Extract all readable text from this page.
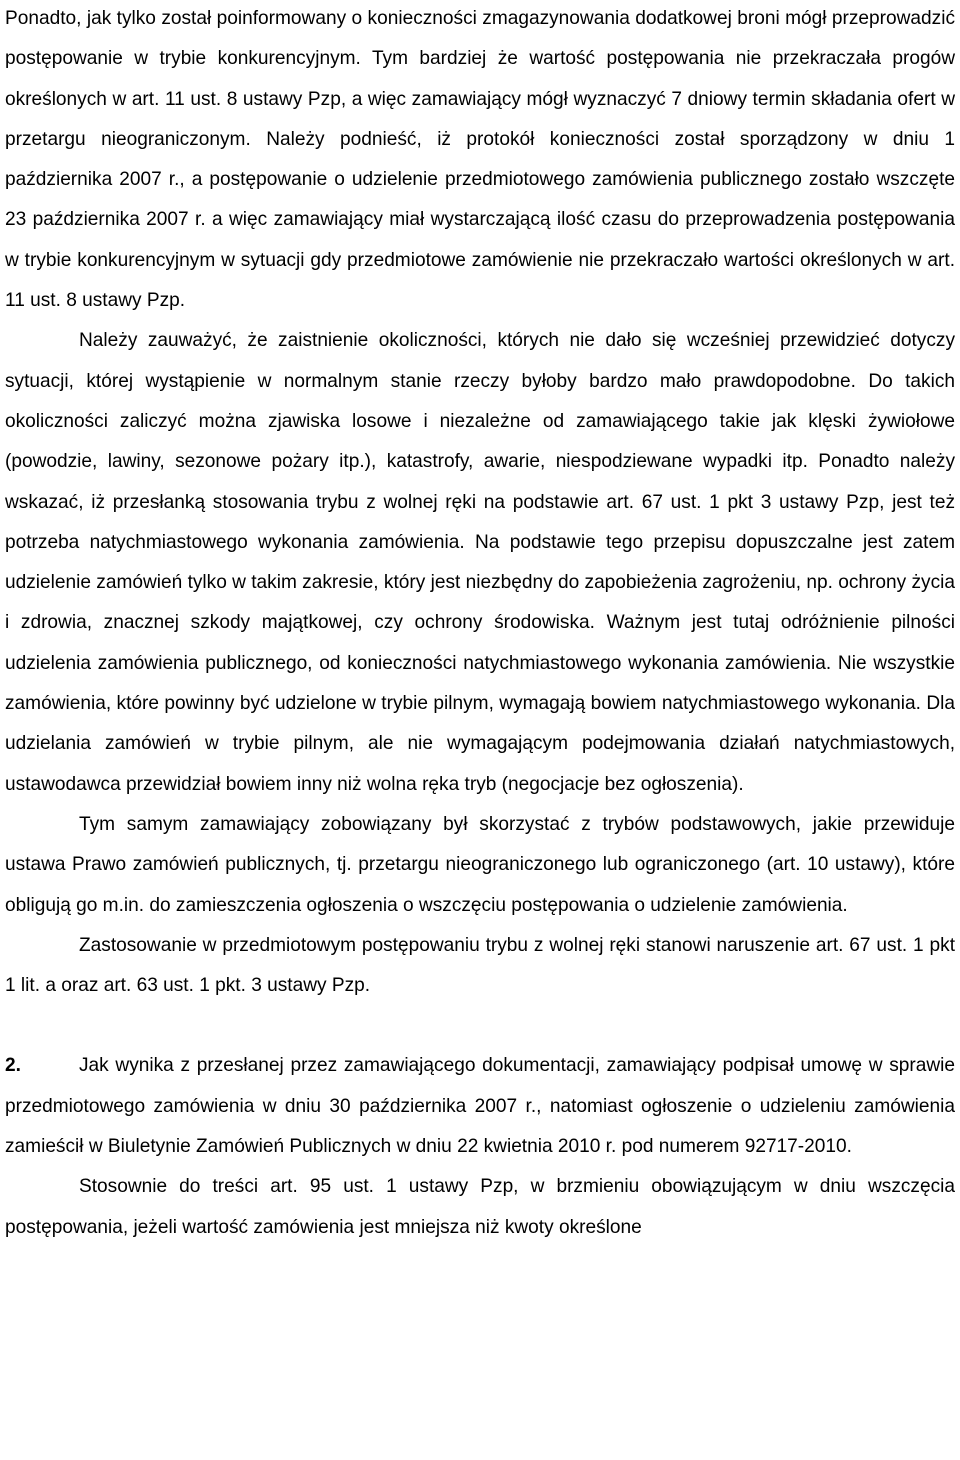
Ponadto, jak tylko został poinformowany o konieczności zmagazynowania dodatkowej broni mógł przeprowadzić postępowanie w trybie konkurencyjnym. Tym bardziej że wartość postępowania nie przekraczała progów określonych w art. 11 ust. 8 ustawy Pzp, a więc zamawiający mógł wyznaczyć 7 dniowy termin składania ofert w przetargu nieograniczonym. Należy podnieść, iż protokół konieczności został sporządzony w dniu 1 października 2007 r., a postępowanie o udzielenie przedmiotowego zamówienia publicznego zostało wszczęte 23 października 2007 r. a więc zamawiający miał wystarczającą ilość czasu do przeprowadzenia postępowania w trybie konkurencyjnym w sytuacji gdy przedmiotowe zamówienie nie przekraczało wartości określonych w art. 11 ust. 8 ustawy Pzp.

Należy zauważyć, że zaistnienie okoliczności, których nie dało się wcześniej przewidzieć dotyczy sytuacji, której wystąpienie w normalnym stanie rzeczy byłoby bardzo mało prawdopodobne. Do takich okoliczności zaliczyć można zjawiska losowe i niezależne od zamawiającego takie jak klęski żywiołowe (powodzie, lawiny, sezonowe pożary itp.), katastrofy, awarie, niespodziewane wypadki itp. Ponadto należy wskazać, iż przesłanką stosowania trybu z wolnej ręki na podstawie art. 67 ust. 1 pkt 3 ustawy Pzp, jest też potrzeba natychmiastowego wykonania zamówienia. Na podstawie tego przepisu dopuszczalne jest zatem udzielenie zamówień tylko w takim zakresie, który jest niezbędny do zapobieżenia zagrożeniu, np. ochrony życia i zdrowia, znacznej szkody majątkowej, czy ochrony środowiska. Ważnym jest tutaj odróżnienie pilności udzielenia zamówienia publicznego, od konieczności natychmiastowego wykonania zamówienia. Nie wszystkie zamówienia, które powinny być udzielone w trybie pilnym, wymagają bowiem natychmiastowego wykonania. Dla udzielania zamówień w trybie pilnym, ale nie wymagającym podejmowania działań natychmiastowych, ustawodawca przewidział bowiem inny niż wolna ręka tryb (negocjacje bez ogłoszenia).

Tym samym zamawiający zobowiązany był skorzystać z trybów podstawowych, jakie przewiduje ustawa Prawo zamówień publicznych, tj. przetargu nieograniczonego lub ograniczonego (art. 10 ustawy), które obligują go m.in. do zamieszczenia ogłoszenia o wszczęciu postępowania o udzielenie zamówienia.

Zastosowanie w przedmiotowym postępowaniu trybu z wolnej ręki stanowi naruszenie art. 67 ust. 1 pkt 1 lit. a oraz art. 63 ust. 1 pkt. 3 ustawy Pzp.

2.	Jak wynika z przesłanej przez zamawiającego dokumentacji, zamawiający podpisał umowę w sprawie przedmiotowego zamówienia w dniu 30 października 2007 r., natomiast ogłoszenie o udzieleniu zamówienia zamieścił w Biuletynie Zamówień Publicznych w dniu 22 kwietnia 2010 r. pod numerem 92717-2010.

Stosownie do treści art. 95 ust. 1 ustawy Pzp, w brzmieniu obowiązującym w dniu wszczęcia postępowania, jeżeli wartość zamówienia jest mniejsza niż kwoty określone
